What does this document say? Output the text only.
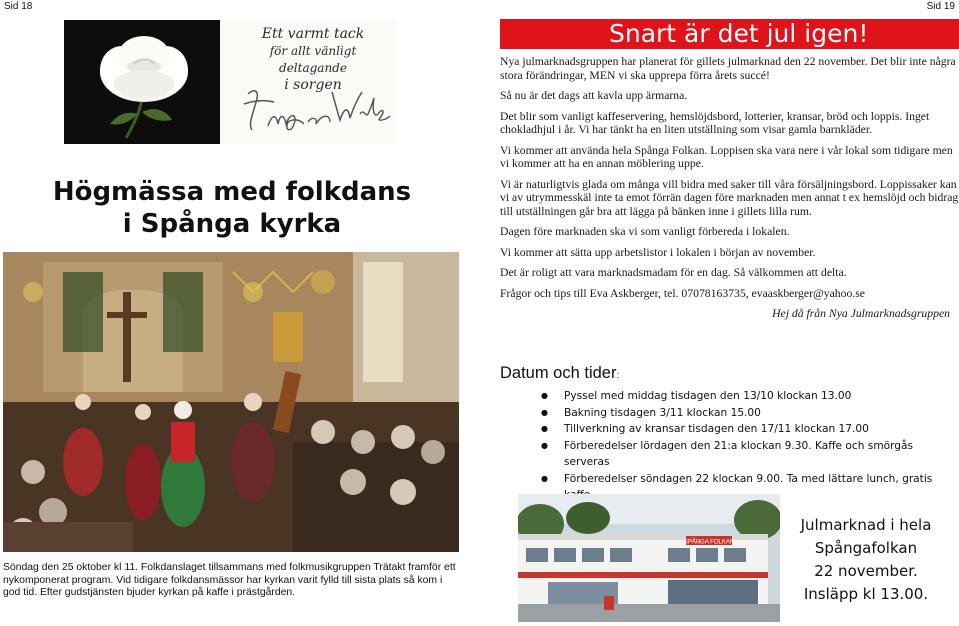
Sid 18
Ett varmt tack
för allt vänligt deltagande
i sorgen
Högmässa med folkdans
i Spånga kyrka
Söndag den 25 oktober kl 11. Folkdanslaget tillsammans med folkmusikgruppen Trätakt framför ett nykomponerat program. Vid tidigare folkdansmässor har kyrkan varit fylld till sista plats så kom i god tid. Efter gudstjänsten bjuder kyrkan på kaffe i prästgården.
Sid 19
Snart är det jul igen!

Nya julmarknadsgruppen har planerat för gillets julmarknad den 22 november. Det blir inte några stora förändringar, MEN vi ska upprepa förra årets succé!

Så nu är det dags att kavla upp ärmarna.

Det blir som vanligt kaffeservering, hemslöjdsbord, lotterier, kransar, bröd och loppis. Inget chokladhjul i år. Vi har tänkt ha en liten utställning som visar gamla barnkläder.

Vi kommer att använda hela Spånga Folkan. Loppisen ska vara nere i vår lokal som tidigare men vi kommer att ha en annan möblering uppe.

Vi är naturligtvis glada om många vill bidra med saker till våra försäljningsbord. Loppissaker kan vi av utrymmesskäl inte ta emot förrän dagen före marknaden men annat t ex hemslöjd och bidrag till utställningen går bra att lägga på bänken inne i gillets lilla rum.

Dagen före marknaden ska vi som vanligt förbereda i lokalen.

Vi kommer att sätta upp arbetslistor i lokalen i början av november.

Det är roligt att vara marknadsmadam för en dag. Så välkommen att delta.

Frågor och tips till Eva Askberger, tel. 07078163735, evaaskberger@yahoo.se

Hej då från Nya Julmarknadsgruppen

Datum och tider:
● Pyssel med middag tisdagen den 13/10 klockan 13.00
● Bakning tisdagen 3/11 klockan 15.00
● Tillverkning av kransar tisdagen den 17/11 klockan 17.00
● Förberedelser lördagen den 21:a klockan 9.30. Kaffe och smörgås serveras
● Förberedelser söndagen 22 klockan 9.00. Ta med lättare lunch, gratis
SPÅNGA FOLKAN
Julmarknad i hela
Spångafolkan
22 november.
Insläpp kl 13.00.
